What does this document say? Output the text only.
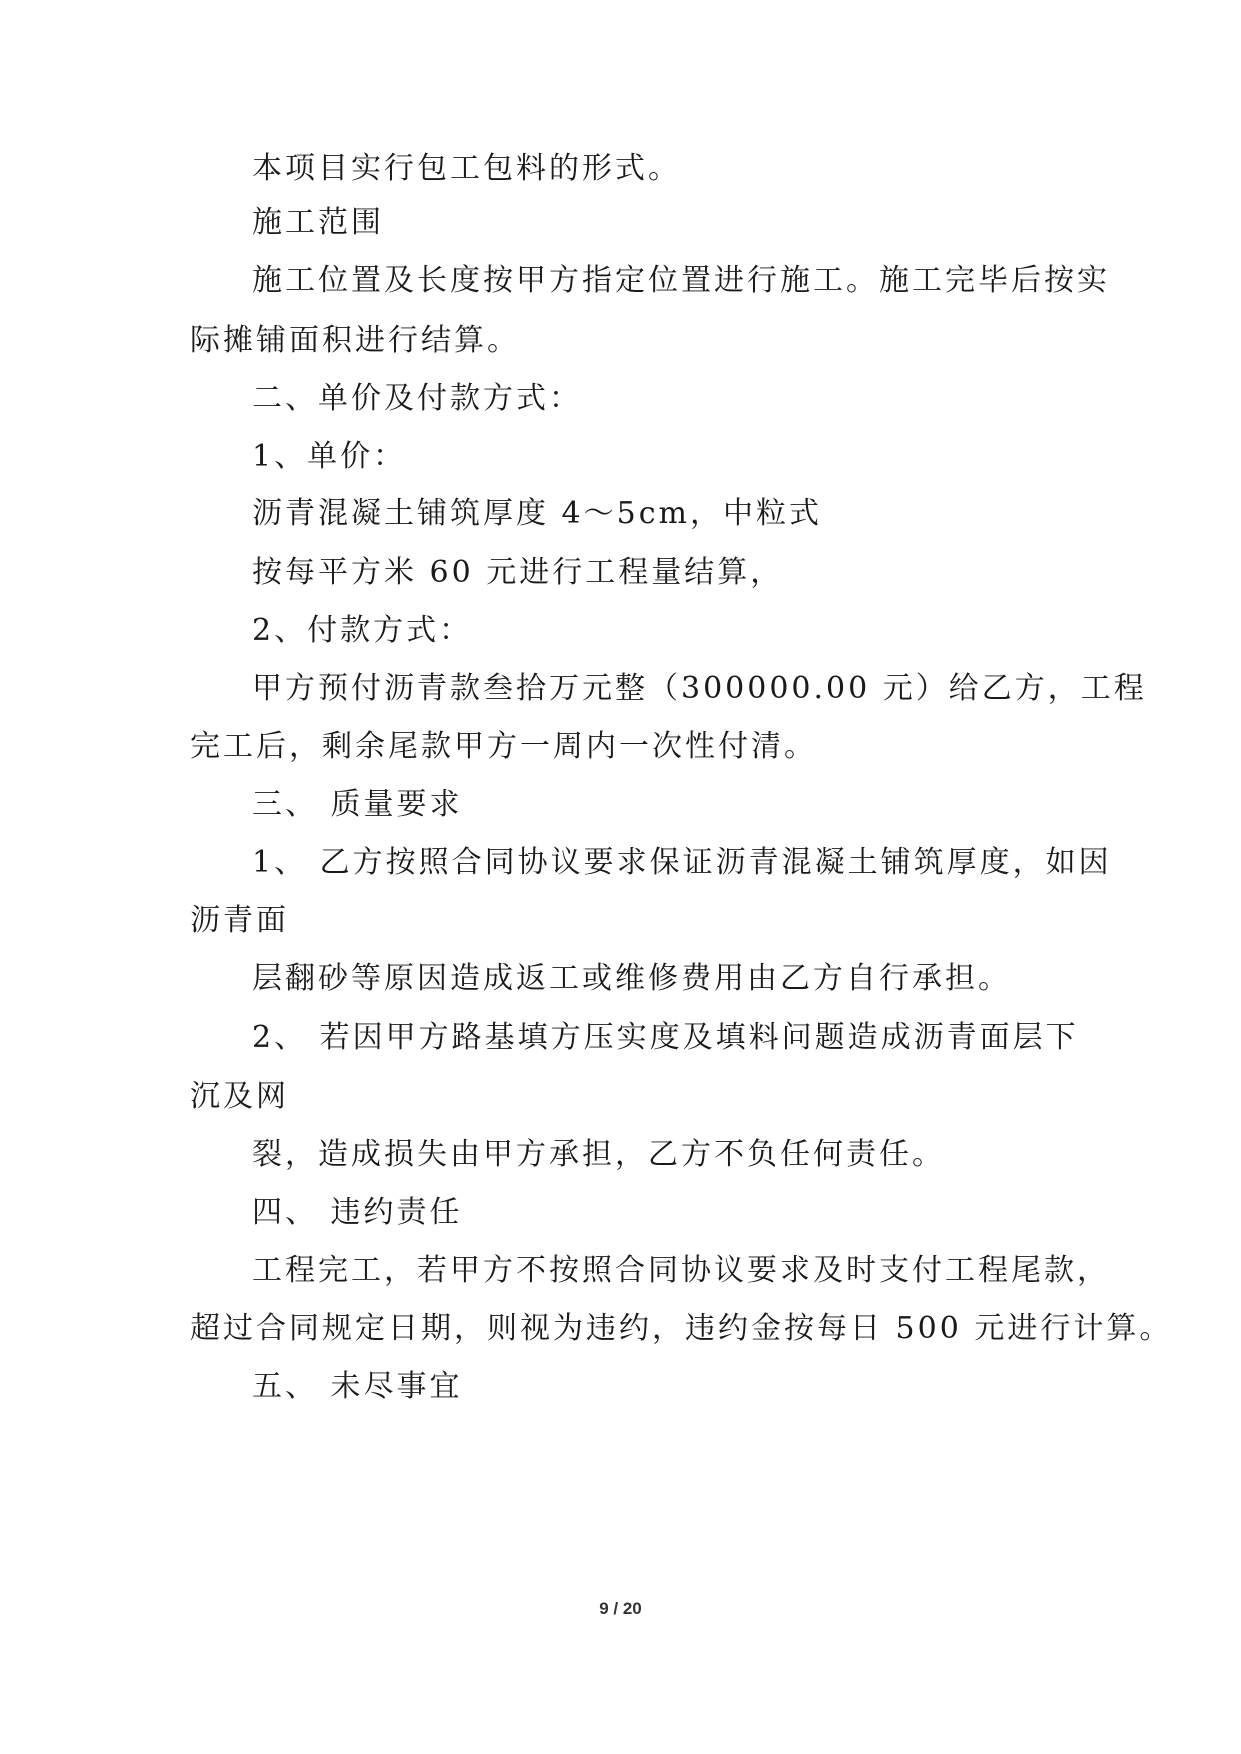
本项目实行包工包料的形式。
施工范围
施工位置及长度按甲方指定位置进行施工。施工完毕后按实
际摊铺面积进行结算。
二、单价及付款方式：
1、单价：
沥青混凝土铺筑厚度 4～5cm，中粒式
按每平方米 60 元进行工程量结算，
2、付款方式：
甲方预付沥青款叁拾万元整（300000.00 元）给乙方，工程
完工后，剩余尾款甲方一周内一次性付清。
三、 质量要求
1、 乙方按照合同协议要求保证沥青混凝土铺筑厚度，如因
沥青面
层翻砂等原因造成返工或维修费用由乙方自行承担。
2、 若因甲方路基填方压实度及填料问题造成沥青面层下
沉及网
裂，造成损失由甲方承担，乙方不负任何责任。
四、 违约责任
工程完工，若甲方不按照合同协议要求及时支付工程尾款，
超过合同规定日期，则视为违约，违约金按每日 500 元进行计算。
五、 未尽事宜
9 / 20
